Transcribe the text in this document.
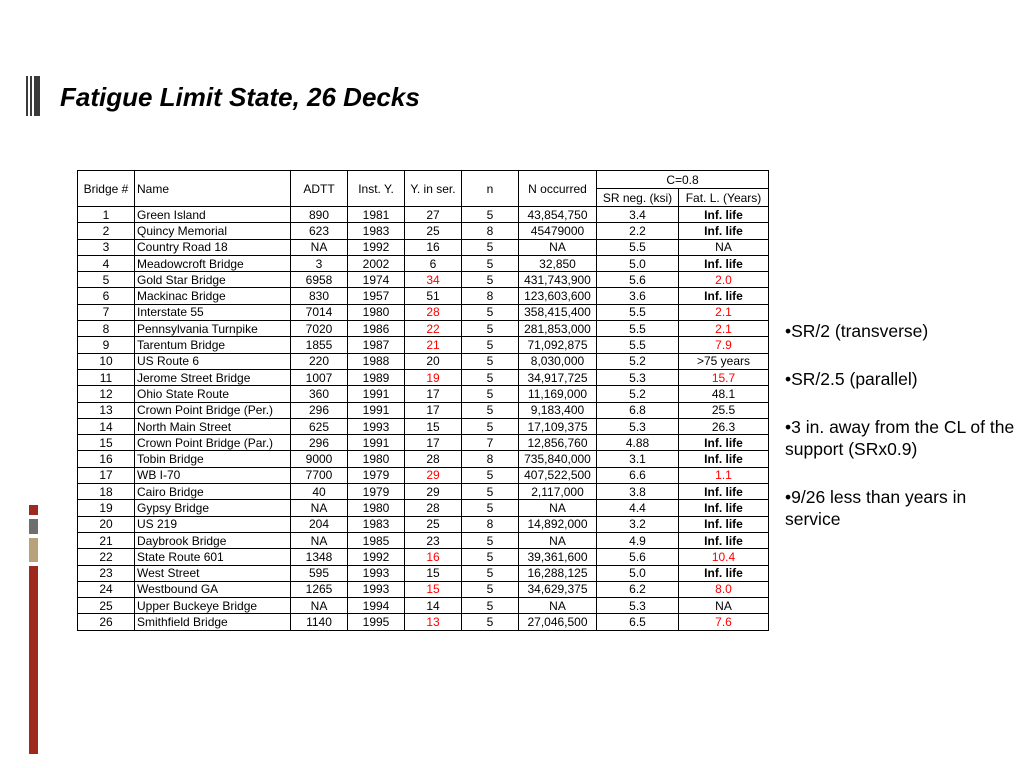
Fatigue Limit State, 26 Decks
Bridge #	Name	ADTT	Inst. Y.	Y. in ser.	n	N occurred	C=0.8	
							SR neg. (ksi)	Fat. L. (Years)
1	Green Island	890	1981	27	5	43,854,750	3.4	Inf. life
2	Quincy Memorial	623	1983	25	8	45479000	2.2	Inf. life
3	Country Road 18	NA	1992	16	5	NA	5.5	NA
4	Meadowcroft Bridge	3	2002	6	5	32,850	5.0	Inf. life
5	Gold Star Bridge	6958	1974	34	5	431,743,900	5.6	2.0
6	Mackinac Bridge	830	1957	51	8	123,603,600	3.6	Inf. life
7	Interstate 55	7014	1980	28	5	358,415,400	5.5	2.1
8	Pennsylvania Turnpike	7020	1986	22	5	281,853,000	5.5	2.1
9	Tarentum Bridge	1855	1987	21	5	71,092,875	5.5	7.9
10	US Route 6	220	1988	20	5	8,030,000	5.2	>75 years
11	Jerome Street Bridge	1007	1989	19	5	34,917,725	5.3	15.7
12	Ohio State Route	360	1991	17	5	11,169,000	5.2	48.1
13	Crown Point Bridge (Per.)	296	1991	17	5	9,183,400	6.8	25.5
14	North Main Street	625	1993	15	5	17,109,375	5.3	26.3
15	Crown Point Bridge (Par.)	296	1991	17	7	12,856,760	4.88	Inf. life
16	Tobin Bridge	9000	1980	28	8	735,840,000	3.1	Inf. life
17	WB I-70	7700	1979	29	5	407,522,500	6.6	1.1
18	Cairo Bridge	40	1979	29	5	2,117,000	3.8	Inf. life
19	Gypsy Bridge	NA	1980	28	5	NA	4.4	Inf. life
20	US 219	204	1983	25	8	14,892,000	3.2	Inf. life
21	Daybrook Bridge	NA	1985	23	5	NA	4.9	Inf. life
22	State Route 601	1348	1992	16	5	39,361,600	5.6	10.4
23	West Street	595	1993	15	5	16,288,125	5.0	Inf. life
24	Westbound GA	1265	1993	15	5	34,629,375	6.2	8.0
25	Upper Buckeye Bridge	NA	1994	14	5	NA	5.3	NA
26	Smithfield Bridge	1140	1995	13	5	27,046,500	6.5	7.6
•SR/2 (transverse)
•SR/2.5 (parallel)
•3 in. away from the CL of the support (SRx0.9)
•9/26 less than years in service
